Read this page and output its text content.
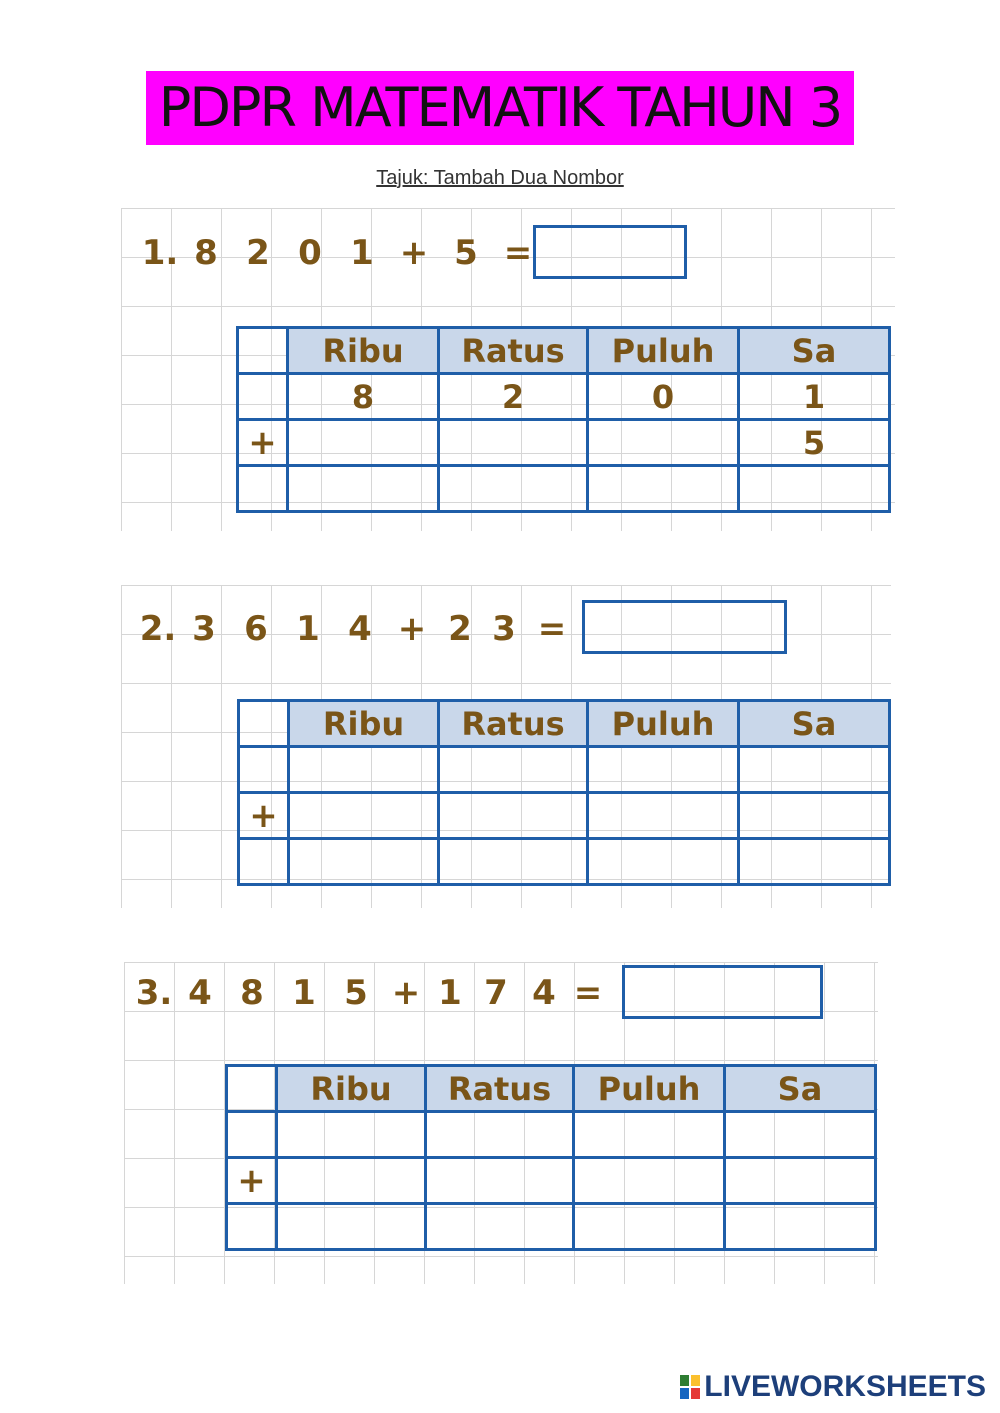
PDPR MATEMATIK TAHUN 3
Tajuk: Tambah Dua Nombor
1. 8 2 0 1 + 5 =
	Ribu	Ratus	Puluh	Sa
	8	2	0	1
+				5

2. 3 6 1 4 + 2 3 =
	Ribu	Ratus	Puluh	Sa

+				

3. 4 8 1 5 + 1 7 4 =
	Ribu	Ratus	Puluh	Sa

+				

LIVEWORKSHEETS
